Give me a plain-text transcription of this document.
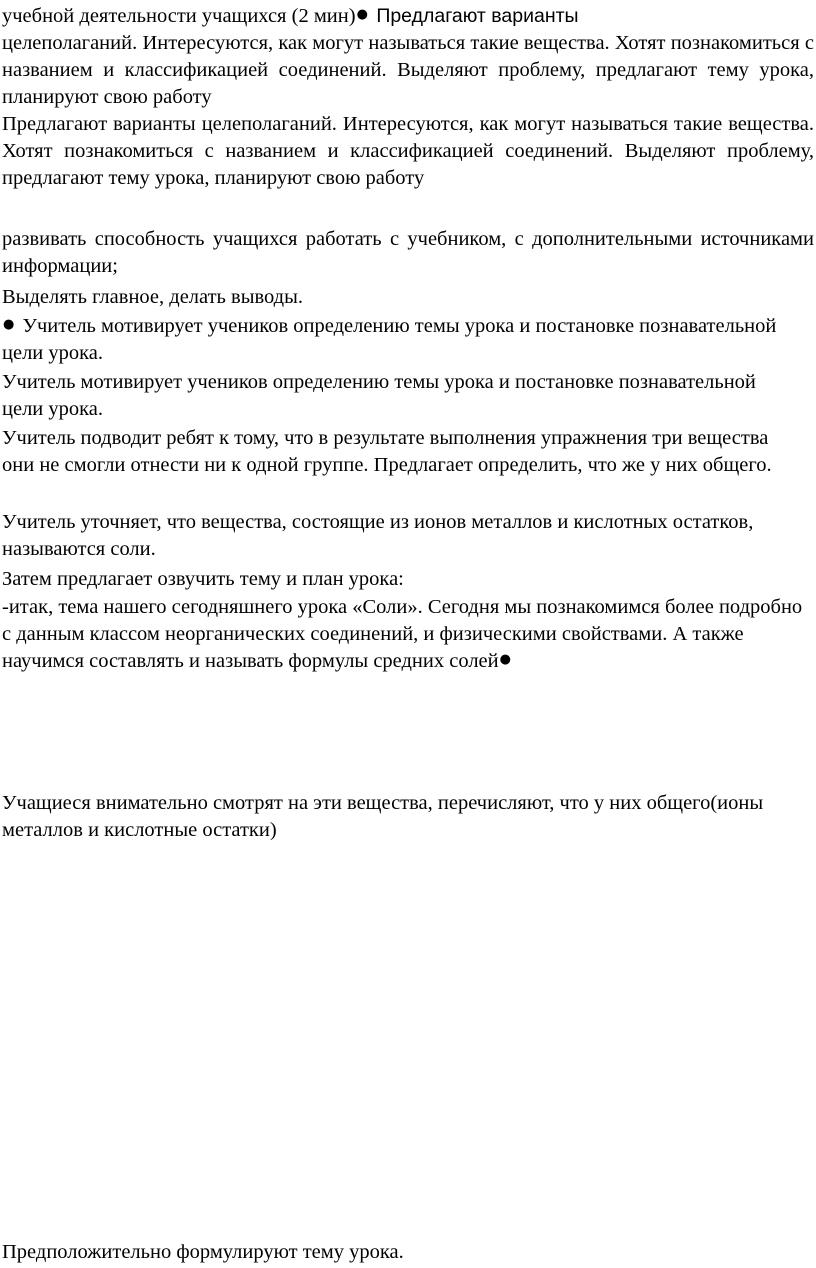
учебной деятельности учащихся (2 мин)● Предлагают варианты

целеполаганий. Интересуются, как могут называться такие вещества. Хотят познакомиться с названием и классификацией соединений. Выделяют проблему, предлагают тему урока, планируют свою работу

Предлагают варианты целеполаганий. Интересуются, как могут называться такие вещества. Хотят познакомиться с названием и классификацией соединений. Выделяют проблему, предлагают тему урока, планируют свою работу

развивать способность учащихся работать с учебником, с дополнительными источниками информации;

Выделять главное, делать выводы.

● Учитель мотивирует учеников определению темы урока и постановке познавательной цели урока.

Учитель мотивирует учеников определению темы урока и постановке познавательной цели урока.

Учитель подводит ребят к тому, что в результате выполнения упражнения три вещества они не смогли отнести ни к одной группе. Предлагает определить, что же у них общего.

Учитель уточняет, что вещества, состоящие из ионов металлов и кислотных остатков, называются соли.

Затем предлагает озвучить тему и план урока:

-итак, тема нашего сегодняшнего урока «Соли». Сегодня мы познакомимся более подробно с данным классом неорганических соединений, и физическими свойствами. А также научимся составлять и называть формулы средних солей●

Учащиеся внимательно смотрят на эти вещества, перечисляют, что у них общего(ионы металлов и кислотные остатки)

Предположительно формулируют тему урока.
